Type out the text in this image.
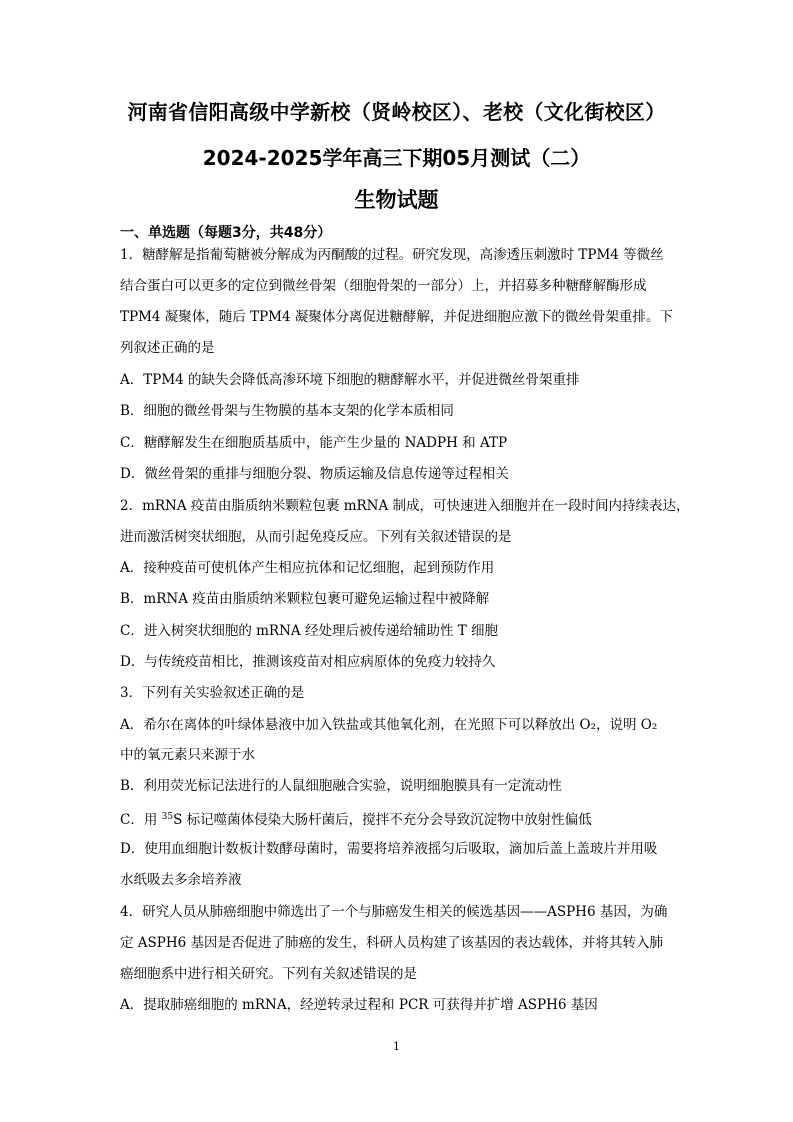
河南省信阳高级中学新校（贤岭校区）、老校（文化街校区）
2024-2025学年高三下期05月测试（二）
生物试题
一、单选题（每题3分，共48分）
1．糖酵解是指葡萄糖被分解成为丙酮酸的过程。研究发现，高渗透压刺激时 TPM4 等微丝
结合蛋白可以更多的定位到微丝骨架（细胞骨架的一部分）上，并招募多种糖酵解酶形成
TPM4 凝聚体，随后 TPM4 凝聚体分离促进糖酵解，并促进细胞应激下的微丝骨架重排。下
列叙述正确的是
A．TPM4 的缺失会降低高渗环境下细胞的糖酵解水平，并促进微丝骨架重排
B．细胞的微丝骨架与生物膜的基本支架的化学本质相同
C．糖酵解发生在细胞质基质中，能产生少量的 NADPH 和 ATP
D．微丝骨架的重排与细胞分裂、物质运输及信息传递等过程相关
2．mRNA 疫苗由脂质纳米颗粒包裹 mRNA 制成，可快速进入细胞并在一段时间内持续表达，
进而激活树突状细胞，从而引起免疫反应。下列有关叙述错误的是
A．接种疫苗可使机体产生相应抗体和记忆细胞，起到预防作用
B．mRNA 疫苗由脂质纳米颗粒包裹可避免运输过程中被降解
C．进入树突状细胞的 mRNA 经处理后被传递给辅助性 T 细胞
D．与传统疫苗相比，推测该疫苗对相应病原体的免疫力较持久
3．下列有关实验叙述正确的是
A．希尔在离体的叶绿体悬液中加入铁盐或其他氧化剂，在光照下可以释放出 O₂，说明 O₂
中的氧元素只来源于水
B．利用荧光标记法进行的人鼠细胞融合实验，说明细胞膜具有一定流动性
C．用 $^{35}$S 标记噬菌体侵染大肠杆菌后，搅拌不充分会导致沉淀物中放射性偏低
D．使用血细胞计数板计数酵母菌时，需要将培养液摇匀后吸取，滴加后盖上盖玻片并用吸
水纸吸去多余培养液
4．研究人员从肺癌细胞中筛选出了一个与肺癌发生相关的候选基因——ASPH6 基因，为确
定 ASPH6 基因是否促进了肺癌的发生，科研人员构建了该基因的表达载体，并将其转入肺
癌细胞系中进行相关研究。下列有关叙述错误的是
A．提取肺癌细胞的 mRNA，经逆转录过程和 PCR 可获得并扩增 ASPH6 基因
1
